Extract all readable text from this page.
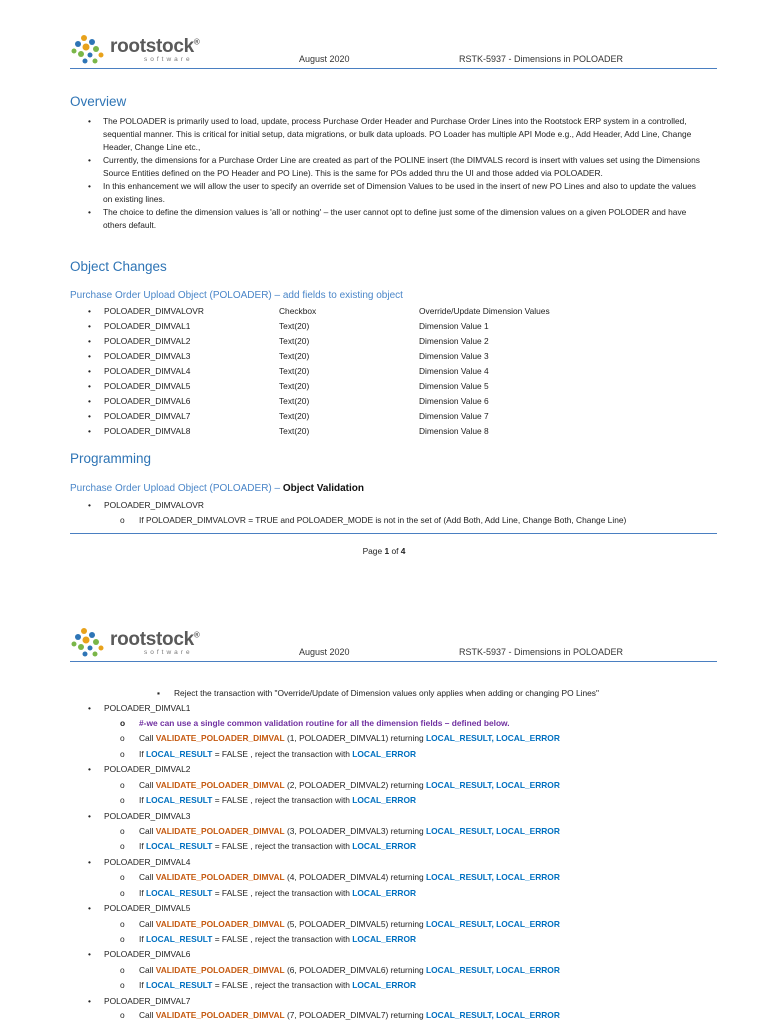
rootstock®
software	August 2020	RSTK-5937 - Dimensions in POLOADER
Overview
• The POLOADER is primarily used to load, update, process Purchase Order Header and Purchase Order Lines into the Rootstock ERP system in a controlled, sequential manner. This is critical for initial setup, data migrations, or bulk data uploads. PO Loader has multiple API Mode e.g., Add Header, Add Line, Change Header, Change Line etc.,
• Currently, the dimensions for a Purchase Order Line are created as part of the POLINE insert (the DIMVALS record is insert with values set using the Dimensions Source Entities defined on the PO Header and PO Line). This is the same for POs added thru the UI and those added via POLOADER.
• In this enhancement we will allow the user to specify an override set of Dimension Values to be used in the insert of new PO Lines and also to update the values on existing lines.
• The choice to define the dimension values is 'all or nothing' – the user cannot opt to define just some of the dimension values on a given POLODER and have others default.
Object Changes
Purchase Order Upload Object (POLOADER) – add fields to existing object
• POLOADER_DIMVALOVR	Checkbox	Override/Update Dimension Values
• POLOADER_DIMVAL1	Text(20)	Dimension Value 1
• POLOADER_DIMVAL2	Text(20)	Dimension Value 2
• POLOADER_DIMVAL3	Text(20)	Dimension Value 3
• POLOADER_DIMVAL4	Text(20)	Dimension Value 4
• POLOADER_DIMVAL5	Text(20)	Dimension Value 5
• POLOADER_DIMVAL6	Text(20)	Dimension Value 6
• POLOADER_DIMVAL7	Text(20)	Dimension Value 7
• POLOADER_DIMVAL8	Text(20)	Dimension Value 8
Programming
Purchase Order Upload Object (POLOADER) – Object Validation
• POLOADER_DIMVALOVR
o If POLOADER_DIMVALOVR = TRUE and POLOADER_MODE is not in the set of (Add Both, Add Line, Change Both, Change Line)
Page 1 of 4
rootstock®
software	August 2020	RSTK-5937 - Dimensions in POLOADER
▪ Reject the transaction with "Override/Update of Dimension values only applies when adding or changing PO Lines"
• POLOADER_DIMVAL1
o #-we can use a single common validation routine for all the dimension fields – defined below.
o Call VALIDATE_POLOADER_DIMVAL (1, POLOADER_DIMVAL1) returning LOCAL_RESULT, LOCAL_ERROR
o If LOCAL_RESULT = FALSE , reject the transaction with LOCAL_ERROR
• POLOADER_DIMVAL2
o Call VALIDATE_POLOADER_DIMVAL (2, POLOADER_DIMVAL2) returning LOCAL_RESULT, LOCAL_ERROR
o If LOCAL_RESULT = FALSE , reject the transaction with LOCAL_ERROR
• POLOADER_DIMVAL3
o Call VALIDATE_POLOADER_DIMVAL (3, POLOADER_DIMVAL3) returning LOCAL_RESULT, LOCAL_ERROR
o If LOCAL_RESULT = FALSE , reject the transaction with LOCAL_ERROR
• POLOADER_DIMVAL4
o Call VALIDATE_POLOADER_DIMVAL (4, POLOADER_DIMVAL4) returning LOCAL_RESULT, LOCAL_ERROR
o If LOCAL_RESULT = FALSE , reject the transaction with LOCAL_ERROR
• POLOADER_DIMVAL5
o Call VALIDATE_POLOADER_DIMVAL (5, POLOADER_DIMVAL5) returning LOCAL_RESULT, LOCAL_ERROR
o If LOCAL_RESULT = FALSE , reject the transaction with LOCAL_ERROR
• POLOADER_DIMVAL6
o Call VALIDATE_POLOADER_DIMVAL (6, POLOADER_DIMVAL6) returning LOCAL_RESULT, LOCAL_ERROR
o If LOCAL_RESULT = FALSE , reject the transaction with LOCAL_ERROR
• POLOADER_DIMVAL7
o Call VALIDATE_POLOADER_DIMVAL (7, POLOADER_DIMVAL7) returning LOCAL_RESULT, LOCAL_ERROR
